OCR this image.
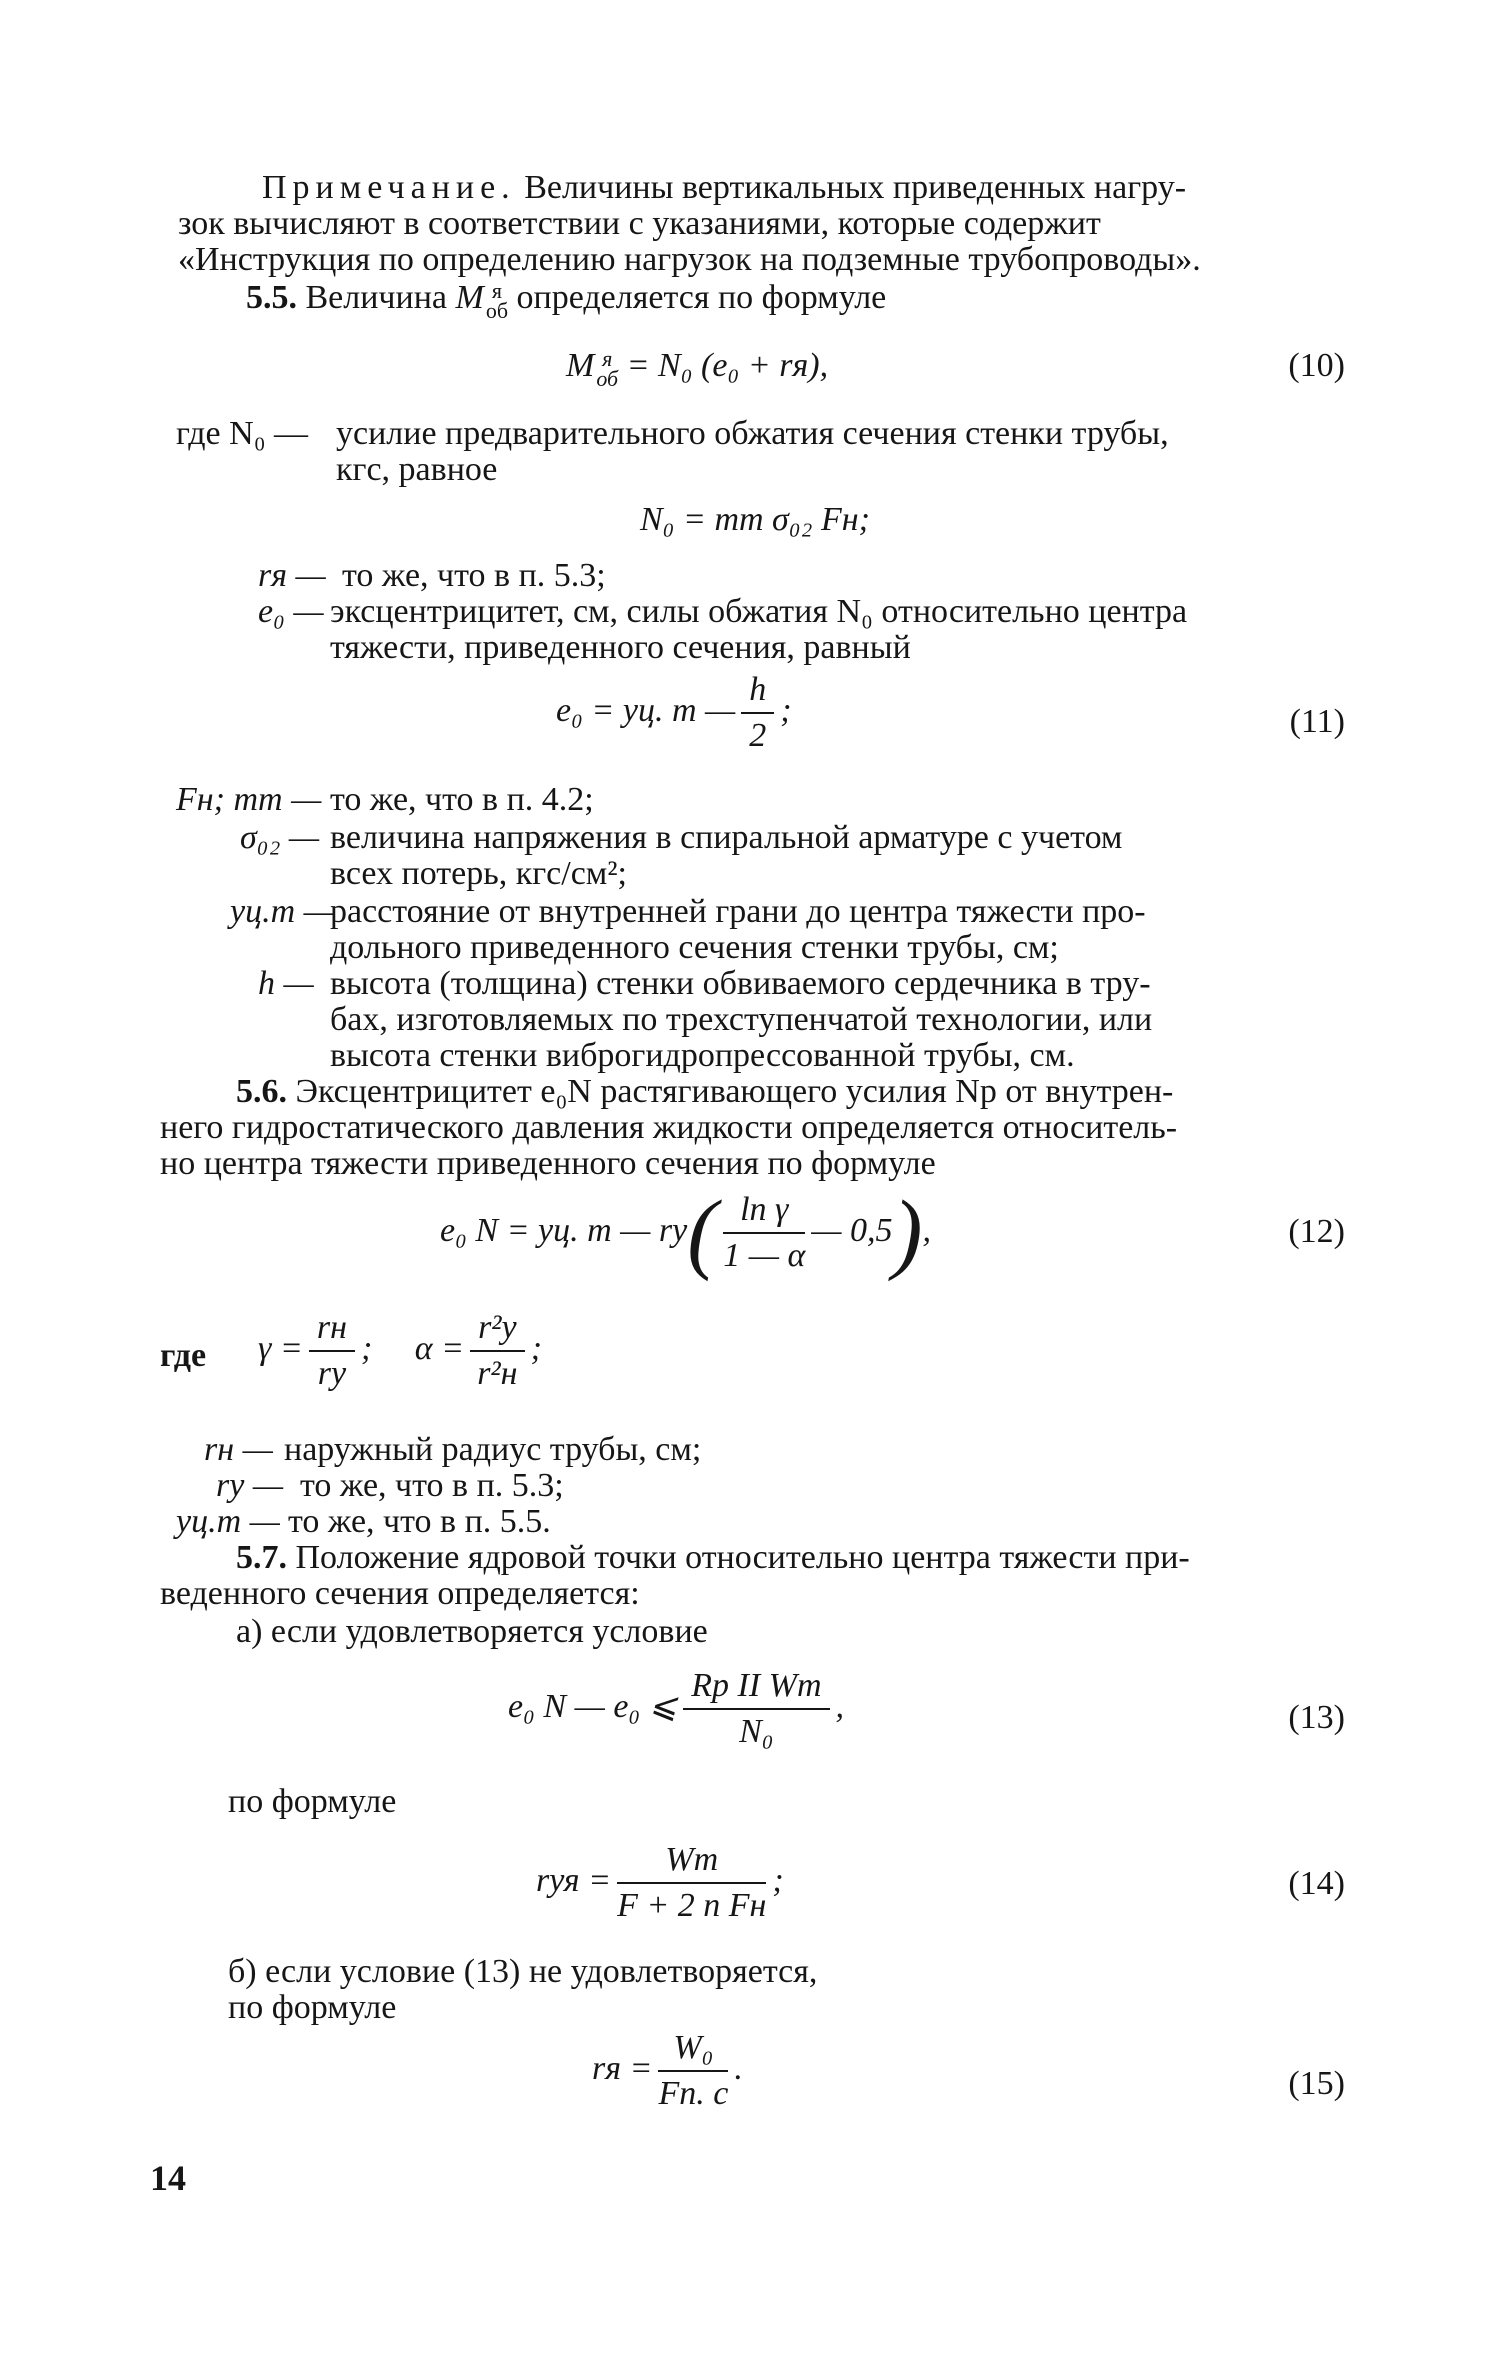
Примечание. Величины вертикальных приведенных нагру-
зок вычисляют в соответствии с указаниями, которые содержит
«Инструкция по определению нагрузок на подземные трубопроводы».
5.5. Величина M я
об определяется по формуле
M я
об = N₀ (e₀ + rя),	(10)
где N₀ — усилие предварительного обжатия сечения стенки трубы,
кгс, равное
N₀ = mт σ₀₂ Fн;
rя — то же, что в п. 5.3;
e₀ — эксцентрицитет, см, силы обжатия N₀ относительно центра
тяжести, приведенного сечения, равный
e₀ = yц. т — $\frac{h}{2}$ ;	(11)
Fн; mт — то же, что в п. 4.2;
σ₀₂ — величина напряжения в спиральной арматуре с учетом
всех потерь, кгс/см²;
yц.т —
расстояние от внутренней грани до центра тяжести про-
дольного приведенного сечения стенки трубы, см;
h — высота (толщина) стенки обвиваемого сердечника в тру-
бах, изготовляемых по трехступенчатой технологии, или
высота стенки виброгидропрессованной трубы, см.
5.6. Эксцентрицитет e₀N растягивающего усилия Nр от внутрен-
него гидростатического давления жидкости определяется относитель-
но центра тяжести приведенного сечения по формуле
e₀ N = yц. т — $rу( \frac{\text{ln γ}}{1 — \alpha}$ — 0,5),	(12)
где $\gamma = \frac{rн}{rу}$ ; $\alpha = \frac{\text{r²у}}{\text{r²н}}$ ;
rн — наружный радиус трубы, см;
rу — то же, что в п. 5.3;
yц.т — то же, что в п. 5.5.
5.7. Положение ядровой точки относительно центра тяжести при-
веденного сечения определяется:
а) если удовлетворяется условие
e₀ N — e₀ ⩽ $\frac{\text{Rр II Wт}}{\text{N₀}}$ ,	(13)
по формуле
rуя = $\frac{Wт}{\text{F + 2 n Fн}}$ ;	(14)
б) если условие (13) не удовлетворяется,
по формуле
rя = $\frac{\text{W₀}}{Fп. с}$ .	(15)
14
